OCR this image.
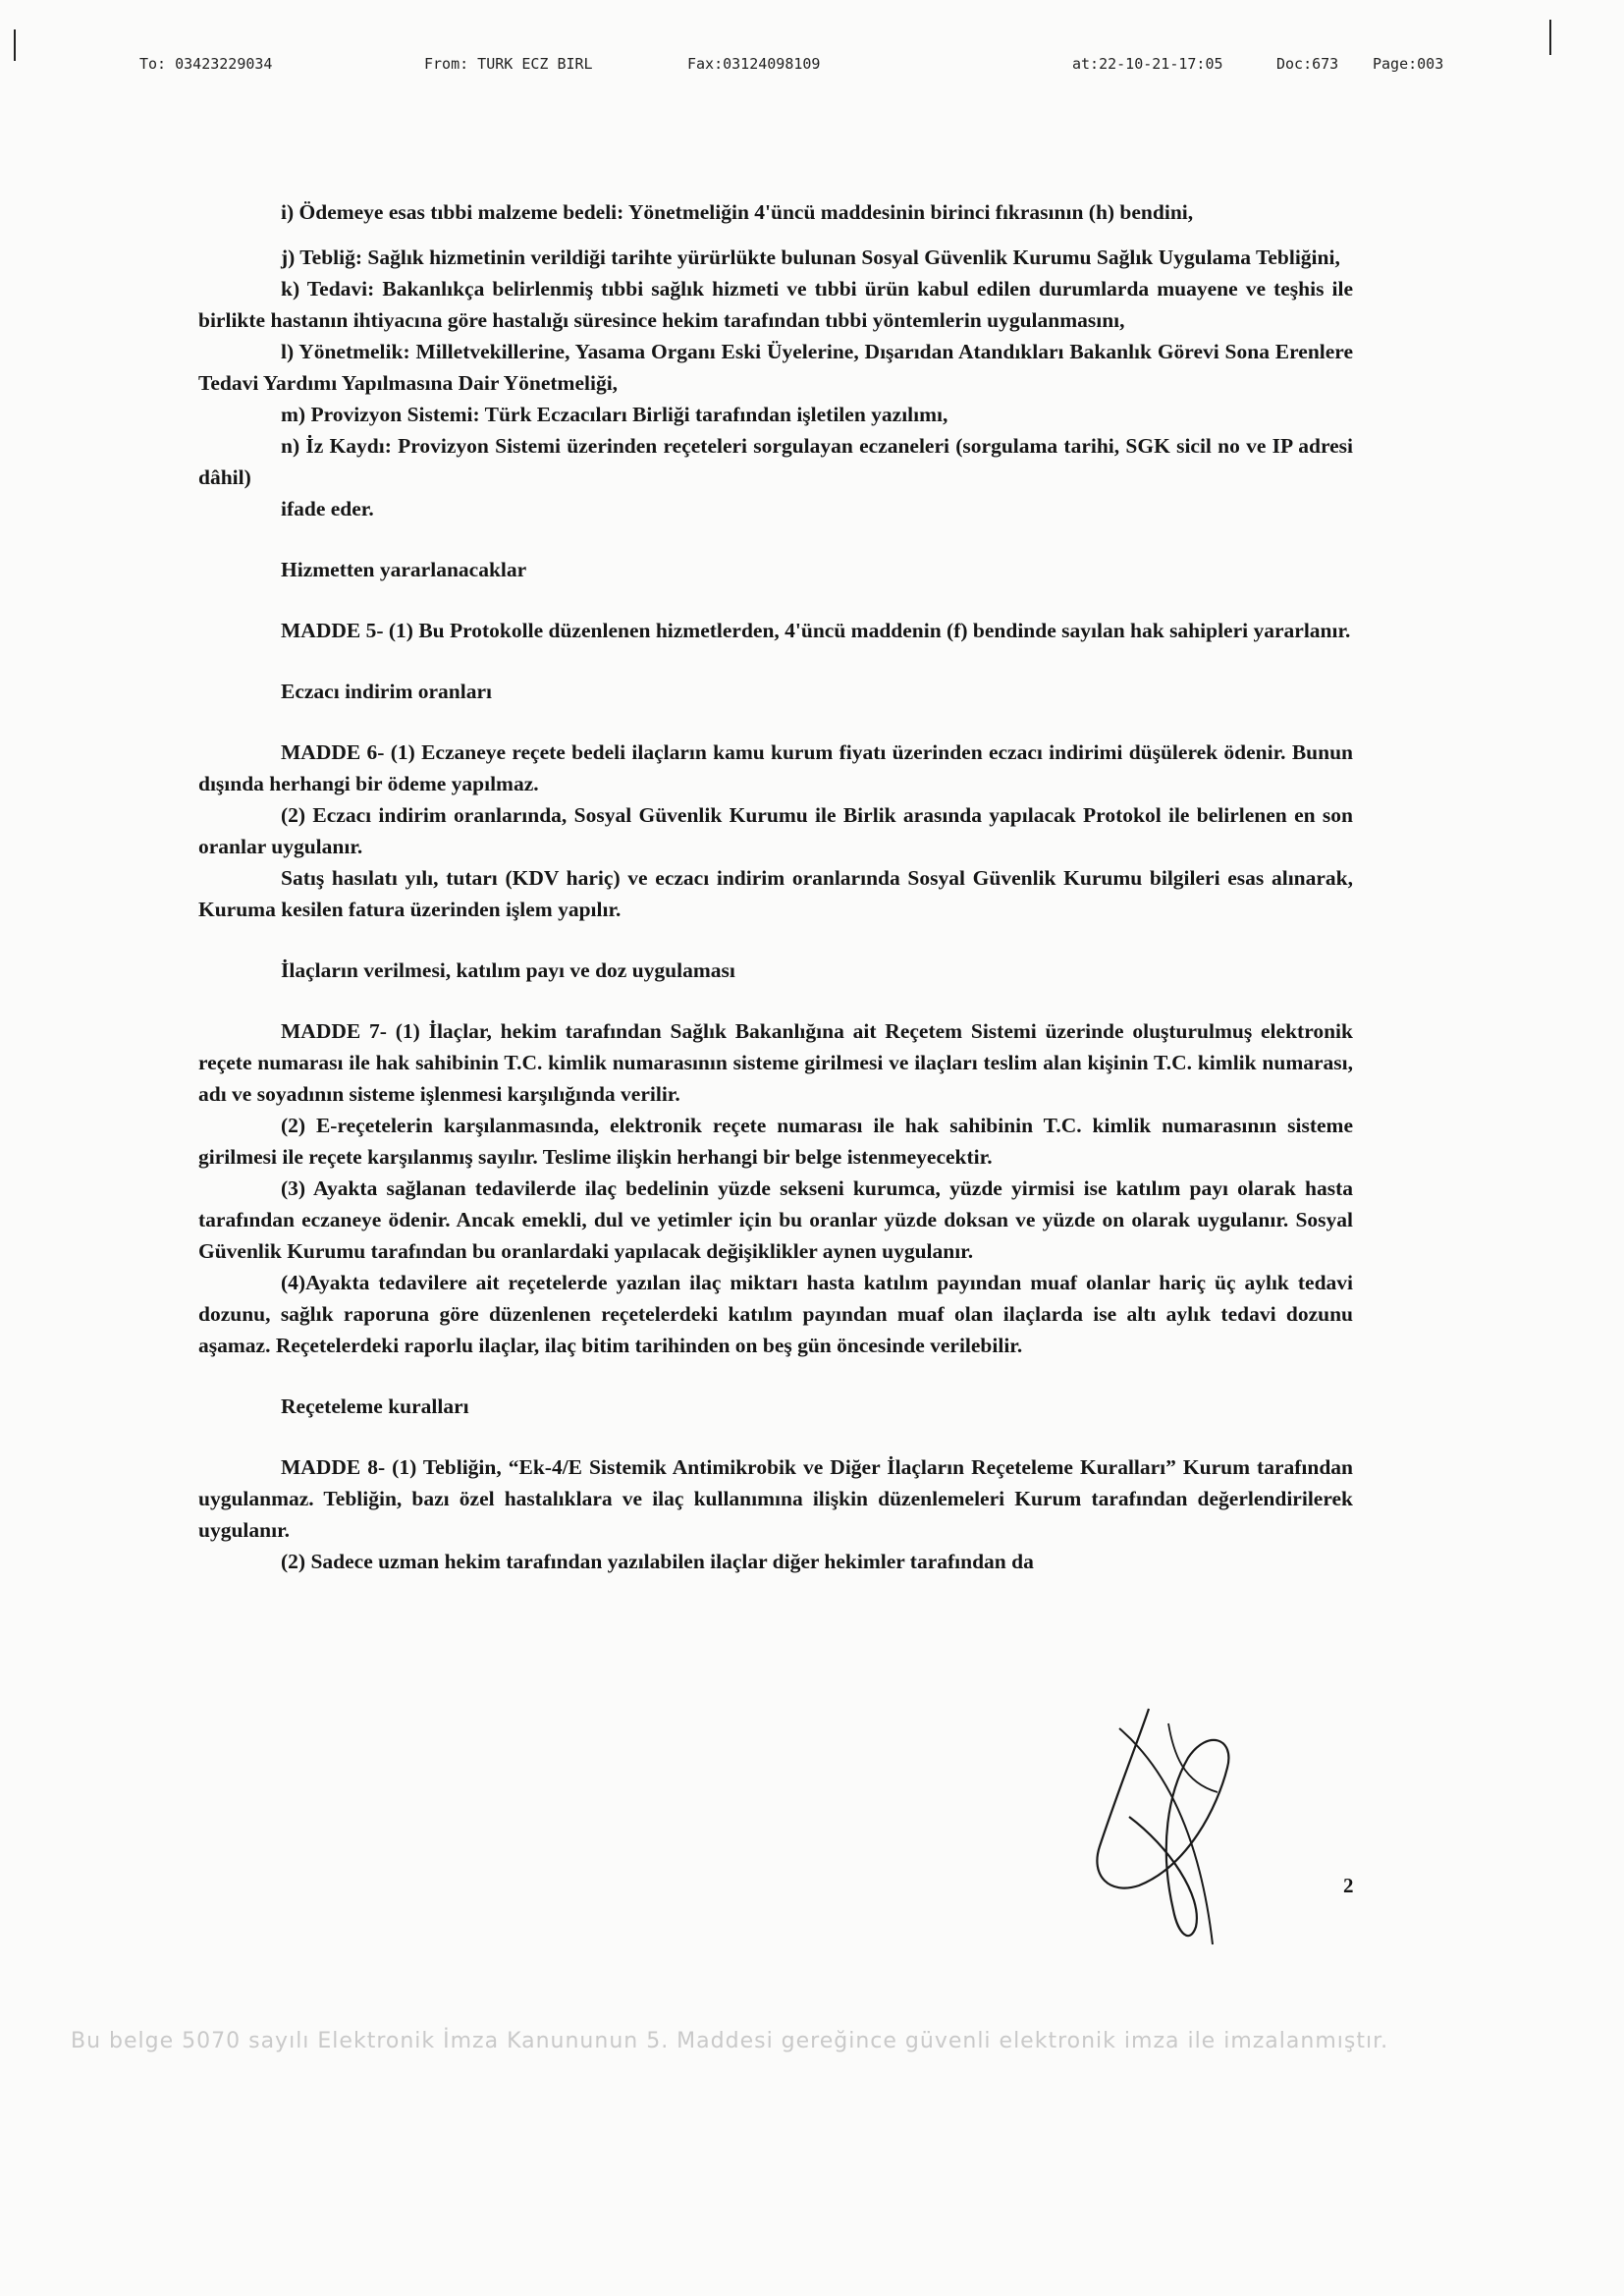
To: 03423229034	From: TURK ECZ BIRL	Fax:03124098109	at:22-10-21-17:05	Doc:673 Page:003

i) Ödemeye esas tıbbi malzeme bedeli: Yönetmeliğin 4'üncü maddesinin birinci fıkrasının (h) bendini,

j) Tebliğ: Sağlık hizmetinin verildiği tarihte yürürlükte bulunan Sosyal Güvenlik Kurumu Sağlık Uygulama Tebliğini,

k) Tedavi: Bakanlıkça belirlenmiş tıbbi sağlık hizmeti ve tıbbi ürün kabul edilen durumlarda muayene ve teşhis ile birlikte hastanın ihtiyacına göre hastalığı süresince hekim tarafından tıbbi yöntemlerin uygulanmasını,

l) Yönetmelik: Milletvekillerine, Yasama Organı Eski Üyelerine, Dışarıdan Atandıkları Bakanlık Görevi Sona Erenlere Tedavi Yardımı Yapılmasına Dair Yönetmeliği,

m) Provizyon Sistemi: Türk Eczacıları Birliği tarafından işletilen yazılımı,

n) İz Kaydı: Provizyon Sistemi üzerinden reçeteleri sorgulayan eczaneleri (sorgulama tarihi, SGK sicil no ve IP adresi dâhil)

ifade eder.

Hizmetten yararlanacaklar

MADDE 5- (1) Bu Protokolle düzenlenen hizmetlerden, 4'üncü maddenin (f) bendinde sayılan hak sahipleri yararlanır.

Eczacı indirim oranları

MADDE 6- (1) Eczaneye reçete bedeli ilaçların kamu kurum fiyatı üzerinden eczacı indirimi düşülerek ödenir. Bunun dışında herhangi bir ödeme yapılmaz.

(2) Eczacı indirim oranlarında, Sosyal Güvenlik Kurumu ile Birlik arasında yapılacak Protokol ile belirlenen en son oranlar uygulanır.

Satış hasılatı yılı, tutarı (KDV hariç) ve eczacı indirim oranlarında Sosyal Güvenlik Kurumu bilgileri esas alınarak, Kuruma kesilen fatura üzerinden işlem yapılır.

İlaçların verilmesi, katılım payı ve doz uygulaması

MADDE 7- (1) İlaçlar, hekim tarafından Sağlık Bakanlığına ait Reçetem Sistemi üzerinde oluşturulmuş elektronik reçete numarası ile hak sahibinin T.C. kimlik numarasının sisteme girilmesi ve ilaçları teslim alan kişinin T.C. kimlik numarası, adı ve soyadının sisteme işlenmesi karşılığında verilir.

(2) E-reçetelerin karşılanmasında, elektronik reçete numarası ile hak sahibinin T.C. kimlik numarasının sisteme girilmesi ile reçete karşılanmış sayılır. Teslime ilişkin herhangi bir belge istenmeyecektir.

(3) Ayakta sağlanan tedavilerde ilaç bedelinin yüzde sekseni kurumca, yüzde yirmisi ise katılım payı olarak hasta tarafından eczaneye ödenir. Ancak emekli, dul ve yetimler için bu oranlar yüzde doksan ve yüzde on olarak uygulanır. Sosyal Güvenlik Kurumu tarafından bu oranlardaki yapılacak değişiklikler aynen uygulanır.

(4)Ayakta tedavilere ait reçetelerde yazılan ilaç miktarı hasta katılım payından muaf olanlar hariç üç aylık tedavi dozunu, sağlık raporuna göre düzenlenen reçetelerdeki katılım payından muaf olan ilaçlarda ise altı aylık tedavi dozunu aşamaz. Reçetelerdeki raporlu ilaçlar, ilaç bitim tarihinden on beş gün öncesinde verilebilir.

Reçeteleme kuralları

MADDE 8- (1) Tebliğin, “Ek-4/E Sistemik Antimikrobik ve Diğer İlaçların Reçeteleme Kuralları” Kurum tarafından uygulanmaz. Tebliğin, bazı özel hastalıklara ve ilaç kullanımına ilişkin düzenlemeleri Kurum tarafından değerlendirilerek uygulanır.

(2) Sadece uzman hekim tarafından yazılabilen ilaçlar diğer hekimler tarafından da

2
Bu belge 5070 sayılı Elektronik İmza Kanununun 5. Maddesi gereğince güvenli elektronik imza ile imzalanmıştır.
